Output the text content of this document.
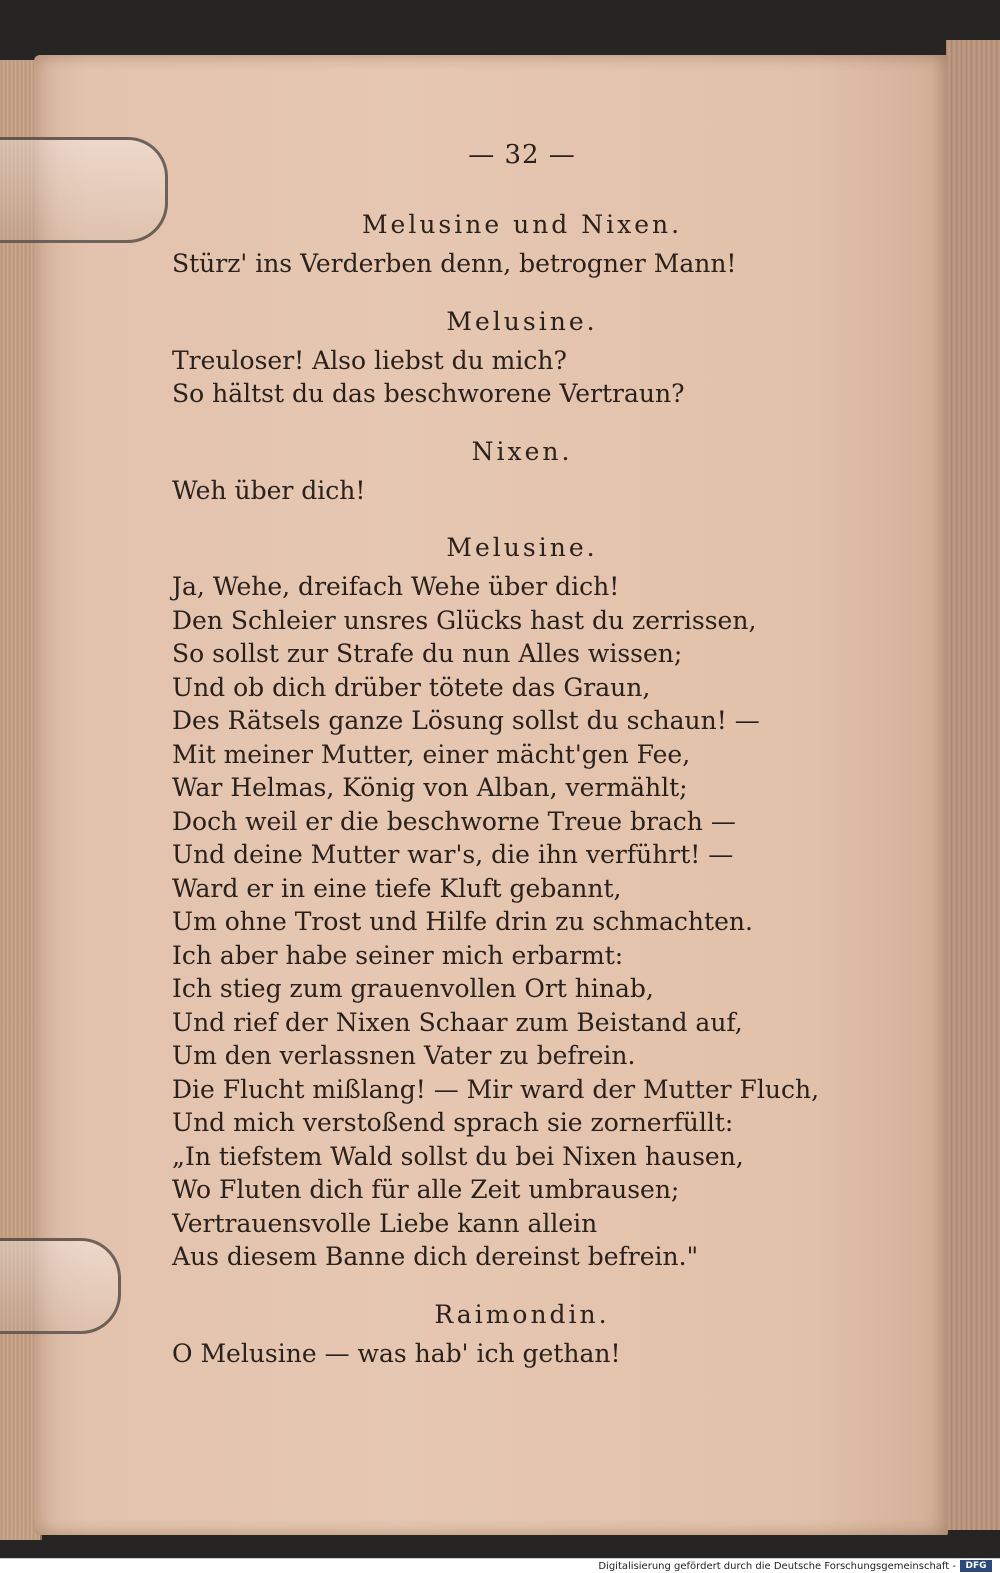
— 32 —
Melusine und Nixen.
Stürz' ins Verderben denn, betrogner Mann!
Melusine.
Treuloser! Also liebst du mich?
So hältst du das beschworene Vertraun?
Nixen.
Weh über dich!
Melusine.
Ja, Wehe, dreifach Wehe über dich!
Den Schleier unsres Glücks hast du zerrissen,
So sollst zur Strafe du nun Alles wissen;
Und ob dich drüber tötete das Graun,
Des Rätsels ganze Lösung sollst du schaun! —
Mit meiner Mutter, einer mächt'gen Fee,
War Helmas, König von Alban, vermählt;
Doch weil er die beschworne Treue brach —
Und deine Mutter war's, die ihn verführt! —
Ward er in eine tiefe Kluft gebannt,
Um ohne Trost und Hilfe drin zu schmachten.
Ich aber habe seiner mich erbarmt:
Ich stieg zum grauenvollen Ort hinab,
Und rief der Nixen Schaar zum Beistand auf,
Um den verlassnen Vater zu befrein.
Die Flucht mißlang! — Mir ward der Mutter Fluch,
Und mich verstoßend sprach sie zornerfüllt:
„In tiefstem Wald sollst du bei Nixen hausen,
Wo Fluten dich für alle Zeit umbrausen;
Vertrauensvolle Liebe kann allein
Aus diesem Banne dich dereinst befrein."
Raimondin.
O Melusine — was hab' ich gethan!
Digitalisierung gefördert durch die Deutsche Forschungsgemeinschaft -	DFG
